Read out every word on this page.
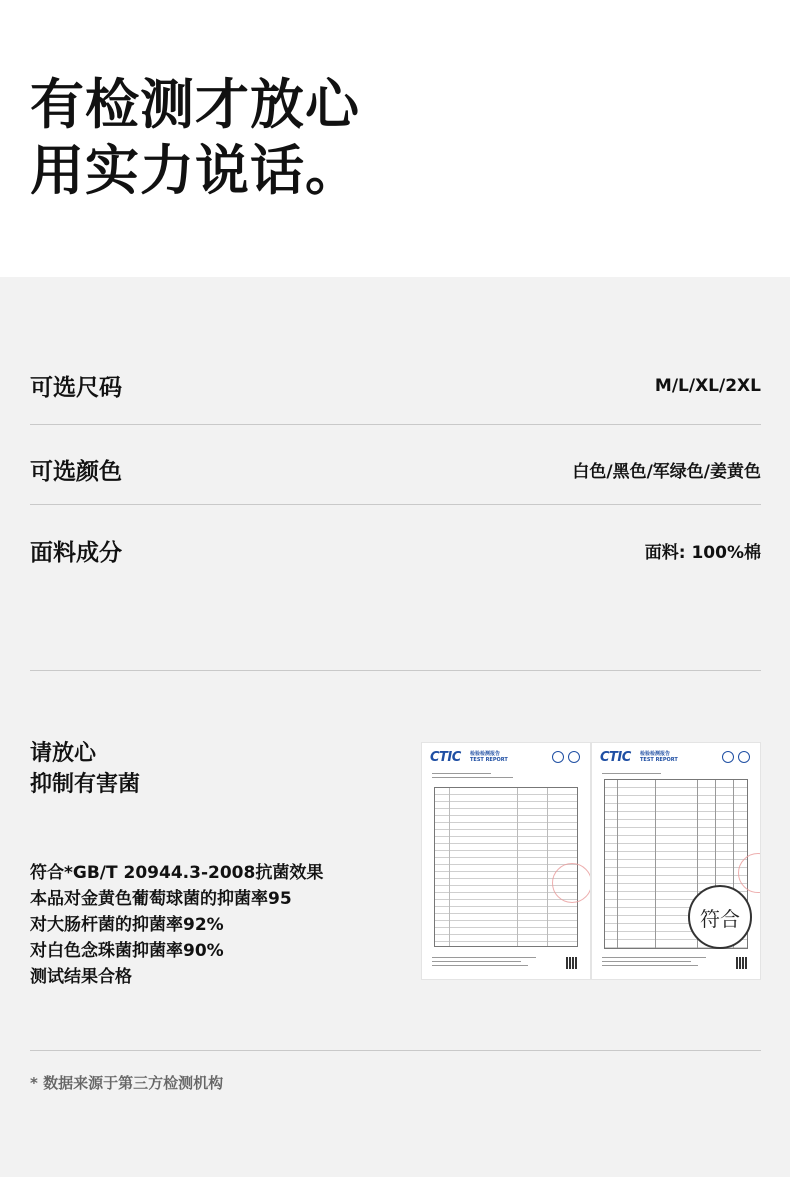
有检测才放心
用实力说话。
可选尺码	M/L/XL/2XL
可选颜色	白色/黑色/军绿色/姜黄色
面料成分	面料: 100%棉
请放心
抑制有害菌
符合*GB/T 20944.3-2008抗菌效果
本品对金黄色葡萄球菌的抑菌率95
对大肠杆菌的抑菌率92%
对白色念珠菌抑菌率90%
测试结果合格
CTIC 检验检测报告
TEST REPORT	CTIC 检验检测报告
TEST REPORT
符合
* 数据来源于第三方检测机构
